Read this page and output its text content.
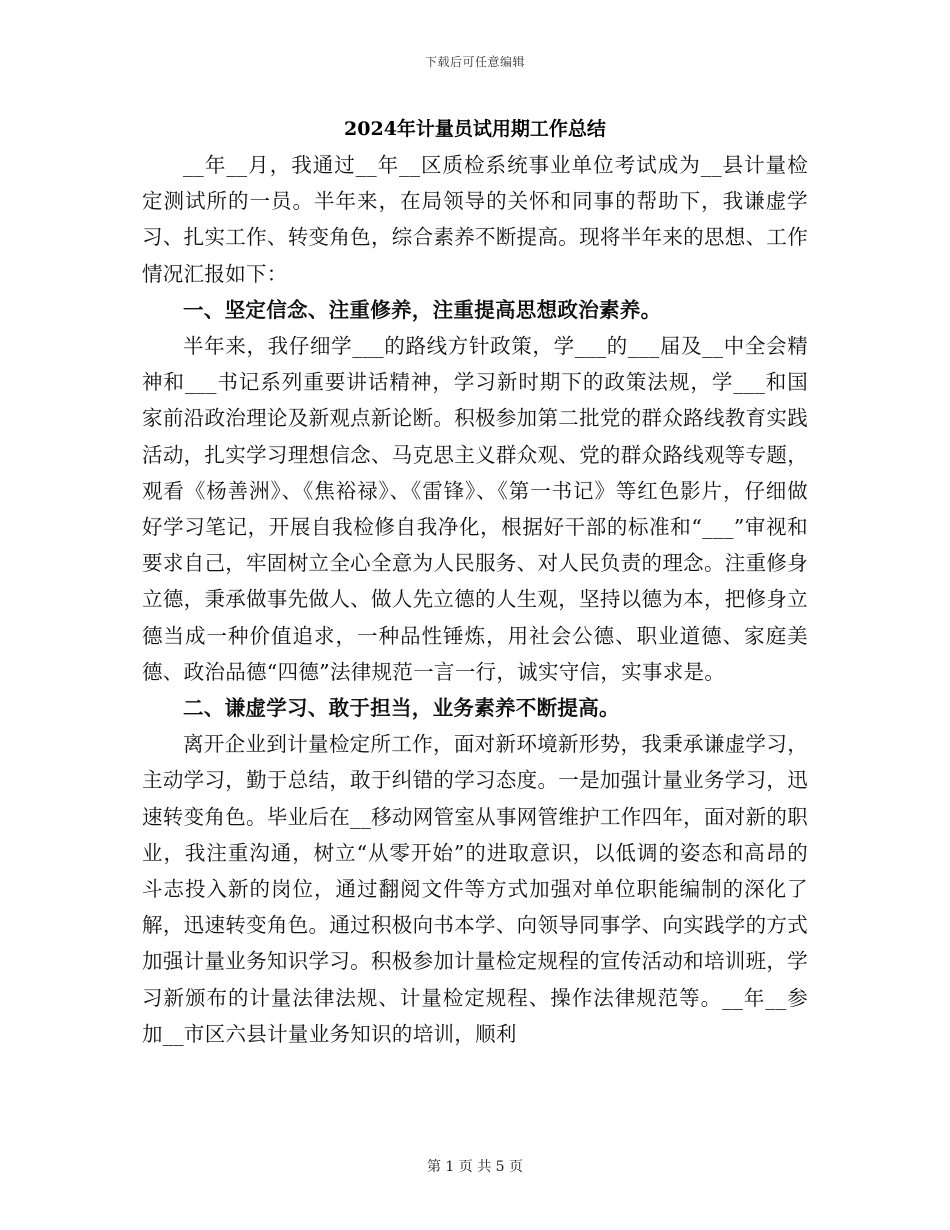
下载后可任意编辑
2024年计量员试用期工作总结

__年__月，我通过__年__区质检系统事业单位考试成为__县计量检定测试所的一员。半年来，在局领导的关怀和同事的帮助下，我谦虚学习、扎实工作、转变角色，综合素养不断提高。现将半年来的思想、工作情况汇报如下：

一、坚定信念、注重修养，注重提高思想政治素养。

半年来，我仔细学___的路线方针政策，学___的___届及__中全会精神和___书记系列重要讲话精神，学习新时期下的政策法规，学___和国家前沿政治理论及新观点新论断。积极参加第二批党的群众路线教育实践活动，扎实学习理想信念、马克思主义群众观、党的群众路线观等专题，观看《杨善洲》、《焦裕禄》、《雷锋》、《第一书记》等红色影片，仔细做好学习笔记，开展自我检修自我净化，根据好干部的标准和“___”审视和要求自己，牢固树立全心全意为人民服务、对人民负责的理念。注重修身立德，秉承做事先做人、做人先立德的人生观，坚持以德为本，把修身立德当成一种价值追求，一种品性锤炼，用社会公德、职业道德、家庭美德、政治品德“四德”法律规范一言一行，诚实守信，实事求是。

二、谦虚学习、敢于担当，业务素养不断提高。

离开企业到计量检定所工作，面对新环境新形势，我秉承谦虚学习，主动学习，勤于总结，敢于纠错的学习态度。一是加强计量业务学习，迅速转变角色。毕业后在__移动网管室从事网管维护工作四年，面对新的职业，我注重沟通，树立“从零开始”的进取意识，以低调的姿态和高昂的斗志投入新的岗位，通过翻阅文件等方式加强对单位职能编制的深化了解，迅速转变角色。通过积极向书本学、向领导同事学、向实践学的方式加强计量业务知识学习。积极参加计量检定规程的宣传活动和培训班，学习新颁布的计量法律法规、计量检定规程、操作法律规范等。__年__参加__市区六县计量业务知识的培训，顺利

第 1 页 共 5 页
